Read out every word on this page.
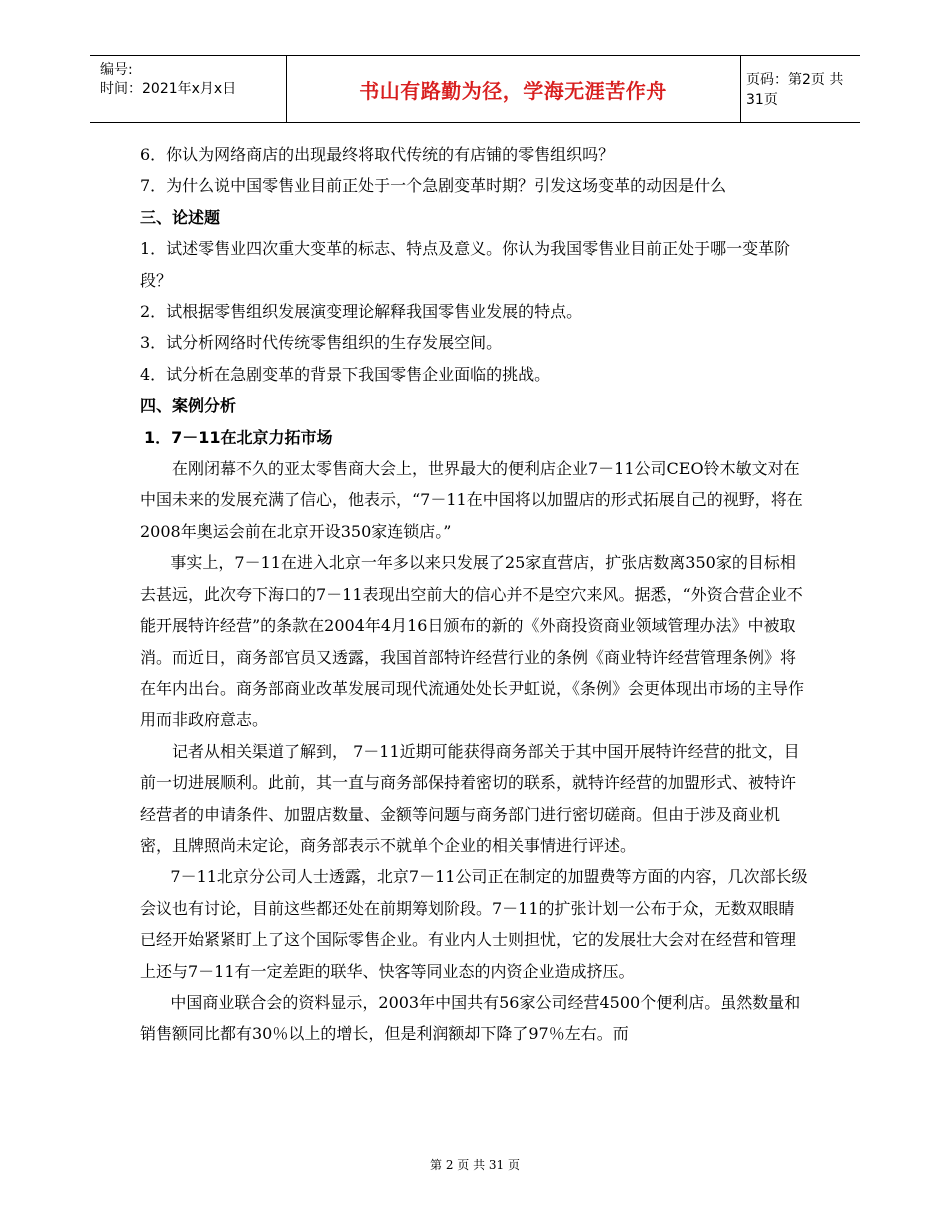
编号:
时间：2021年x月x日	书山有路勤为径，学海无涯苦作舟	页码：第2页 共31页

6．你认为网络商店的出现最终将取代传统的有店铺的零售组织吗？

7．为什么说中国零售业目前正处于一个急剧变革时期？引发这场变革的动因是什么

三、论述题

1．试述零售业四次重大变革的标志、特点及意义。你认为我国零售业目前正处于哪一变革阶段？

2．试根据零售组织发展演变理论解释我国零售业发展的特点。

3．试分析网络时代传统零售组织的生存发展空间。

4．试分析在急剧变革的背景下我国零售企业面临的挑战。

四、案例分析

1．7－11在北京力拓市场

在刚闭幕不久的亚太零售商大会上，世界最大的便利店企业7－11公司CEO铃木敏文对在中国未来的发展充满了信心，他表示，“7－11在中国将以加盟店的形式拓展自己的视野，将在2008年奥运会前在北京开设350家连锁店。”

事实上，7－11在进入北京一年多以来只发展了25家直营店，扩张店数离350家的目标相去甚远，此次夸下海口的7－11表现出空前大的信心并不是空穴来风。据悉，“外资合营企业不能开展特许经营”的条款在2004年4月16日颁布的新的《外商投资商业领域管理办法》中被取消。而近日，商务部官员又透露，我国首部特许经营行业的条例《商业特许经营管理条例》将在年内出台。商务部商业改革发展司现代流通处处长尹虹说，《条例》会更体现出市场的主导作用而非政府意志。

记者从相关渠道了解到， 7－11近期可能获得商务部关于其中国开展特许经营的批文，目前一切进展顺利。此前，其一直与商务部保持着密切的联系，就特许经营的加盟形式、被特许经营者的申请条件、加盟店数量、金额等问题与商务部门进行密切磋商。但由于涉及商业机密，且牌照尚未定论，商务部表示不就单个企业的相关事情进行评述。

7－11北京分公司人士透露，北京7－11公司正在制定的加盟费等方面的内容，几次部长级会议也有讨论，目前这些都还处在前期筹划阶段。7－11的扩张计划一公布于众，无数双眼睛已经开始紧紧盯上了这个国际零售企业。有业内人士则担忧，它的发展壮大会对在经营和管理上还与7－11有一定差距的联华、快客等同业态的内资企业造成挤压。

中国商业联合会的资料显示，2003年中国共有56家公司经营4500个便利店。虽然数量和销售额同比都有30％以上的增长，但是利润额却下降了97％左右。而

第 2 页 共 31 页
